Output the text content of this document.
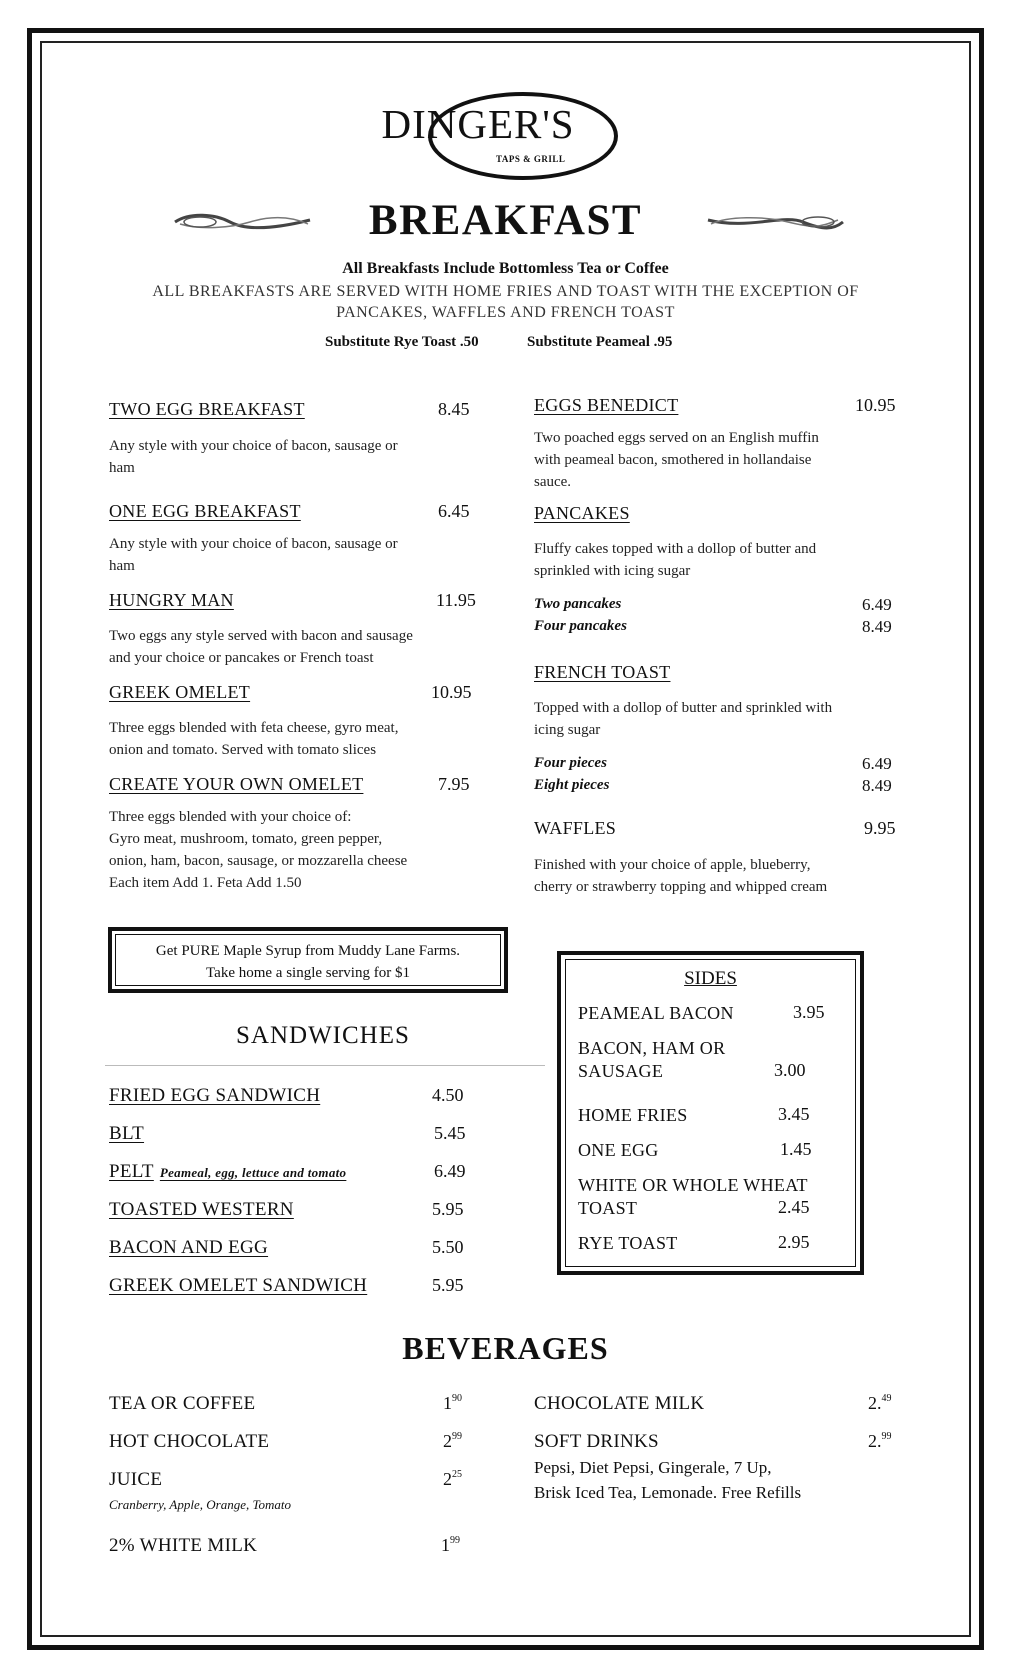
DINGER'S
TAPS & GRILL
BREAKFAST
All Breakfasts Include Bottomless Tea or Coffee
ALL BREAKFASTS ARE SERVED WITH HOME FRIES AND TOAST WITH THE EXCEPTION OF
PANCAKES, WAFFLES AND FRENCH TOAST
Substitute Rye Toast .50	Substitute Peameal .95
TWO EGG BREAKFAST	8.45
Any style with your choice of bacon, sausage or
ham
ONE EGG BREAKFAST	6.45
Any style with your choice of bacon, sausage or
ham
HUNGRY MAN	11.95
Two eggs any style served with bacon and sausage
and your choice or pancakes or French toast
GREEK OMELET	10.95
Three eggs blended with feta cheese, gyro meat,
onion and tomato. Served with tomato slices
CREATE YOUR OWN OMELET	7.95
Three eggs blended with your choice of:
Gyro meat, mushroom, tomato, green pepper,
onion, ham, bacon, sausage, or mozzarella cheese
Each item Add 1. Feta Add 1.50
EGGS BENEDICT	10.95
Two poached eggs served on an English muffin
with peameal bacon, smothered in hollandaise
sauce.
PANCAKES
Fluffy cakes topped with a dollop of butter and
sprinkled with icing sugar
Two pancakes	6.49
Four pancakes	8.49
FRENCH TOAST
Topped with a dollop of butter and sprinkled with
icing sugar
Four pieces	6.49
Eight pieces	8.49
WAFFLES	9.95
Finished with your choice of apple, blueberry,
cherry or strawberry topping and whipped cream
Get PURE Maple Syrup from Muddy Lane Farms.
Take home a single serving for $1
SANDWICHES
FRIED EGG SANDWICH	4.50
BLT	5.45
PELT Peameal, egg, lettuce and tomato	6.49
TOASTED WESTERN	5.95
BACON AND EGG	5.50
GREEK OMELET SANDWICH	5.95
SIDES
PEAMEAL BACON	3.95
BACON, HAM OR
SAUSAGE	3.00
HOME FRIES	3.45
ONE EGG	1.45
WHITE OR WHOLE WHEAT
TOAST	2.45
RYE TOAST	2.95
BEVERAGES
TEA OR COFFEE	$1^{90}$
HOT CHOCOLATE	$2^{99}$
JUICE	$2^{25}$
Cranberry, Apple, Orange, Tomato
2% WHITE MILK	$1^{99}$
CHOCOLATE MILK	2.49
SOFT DRINKS	2.99
Pepsi, Diet Pepsi, Gingerale, 7 Up,
Brisk Iced Tea, Lemonade. Free Refills
